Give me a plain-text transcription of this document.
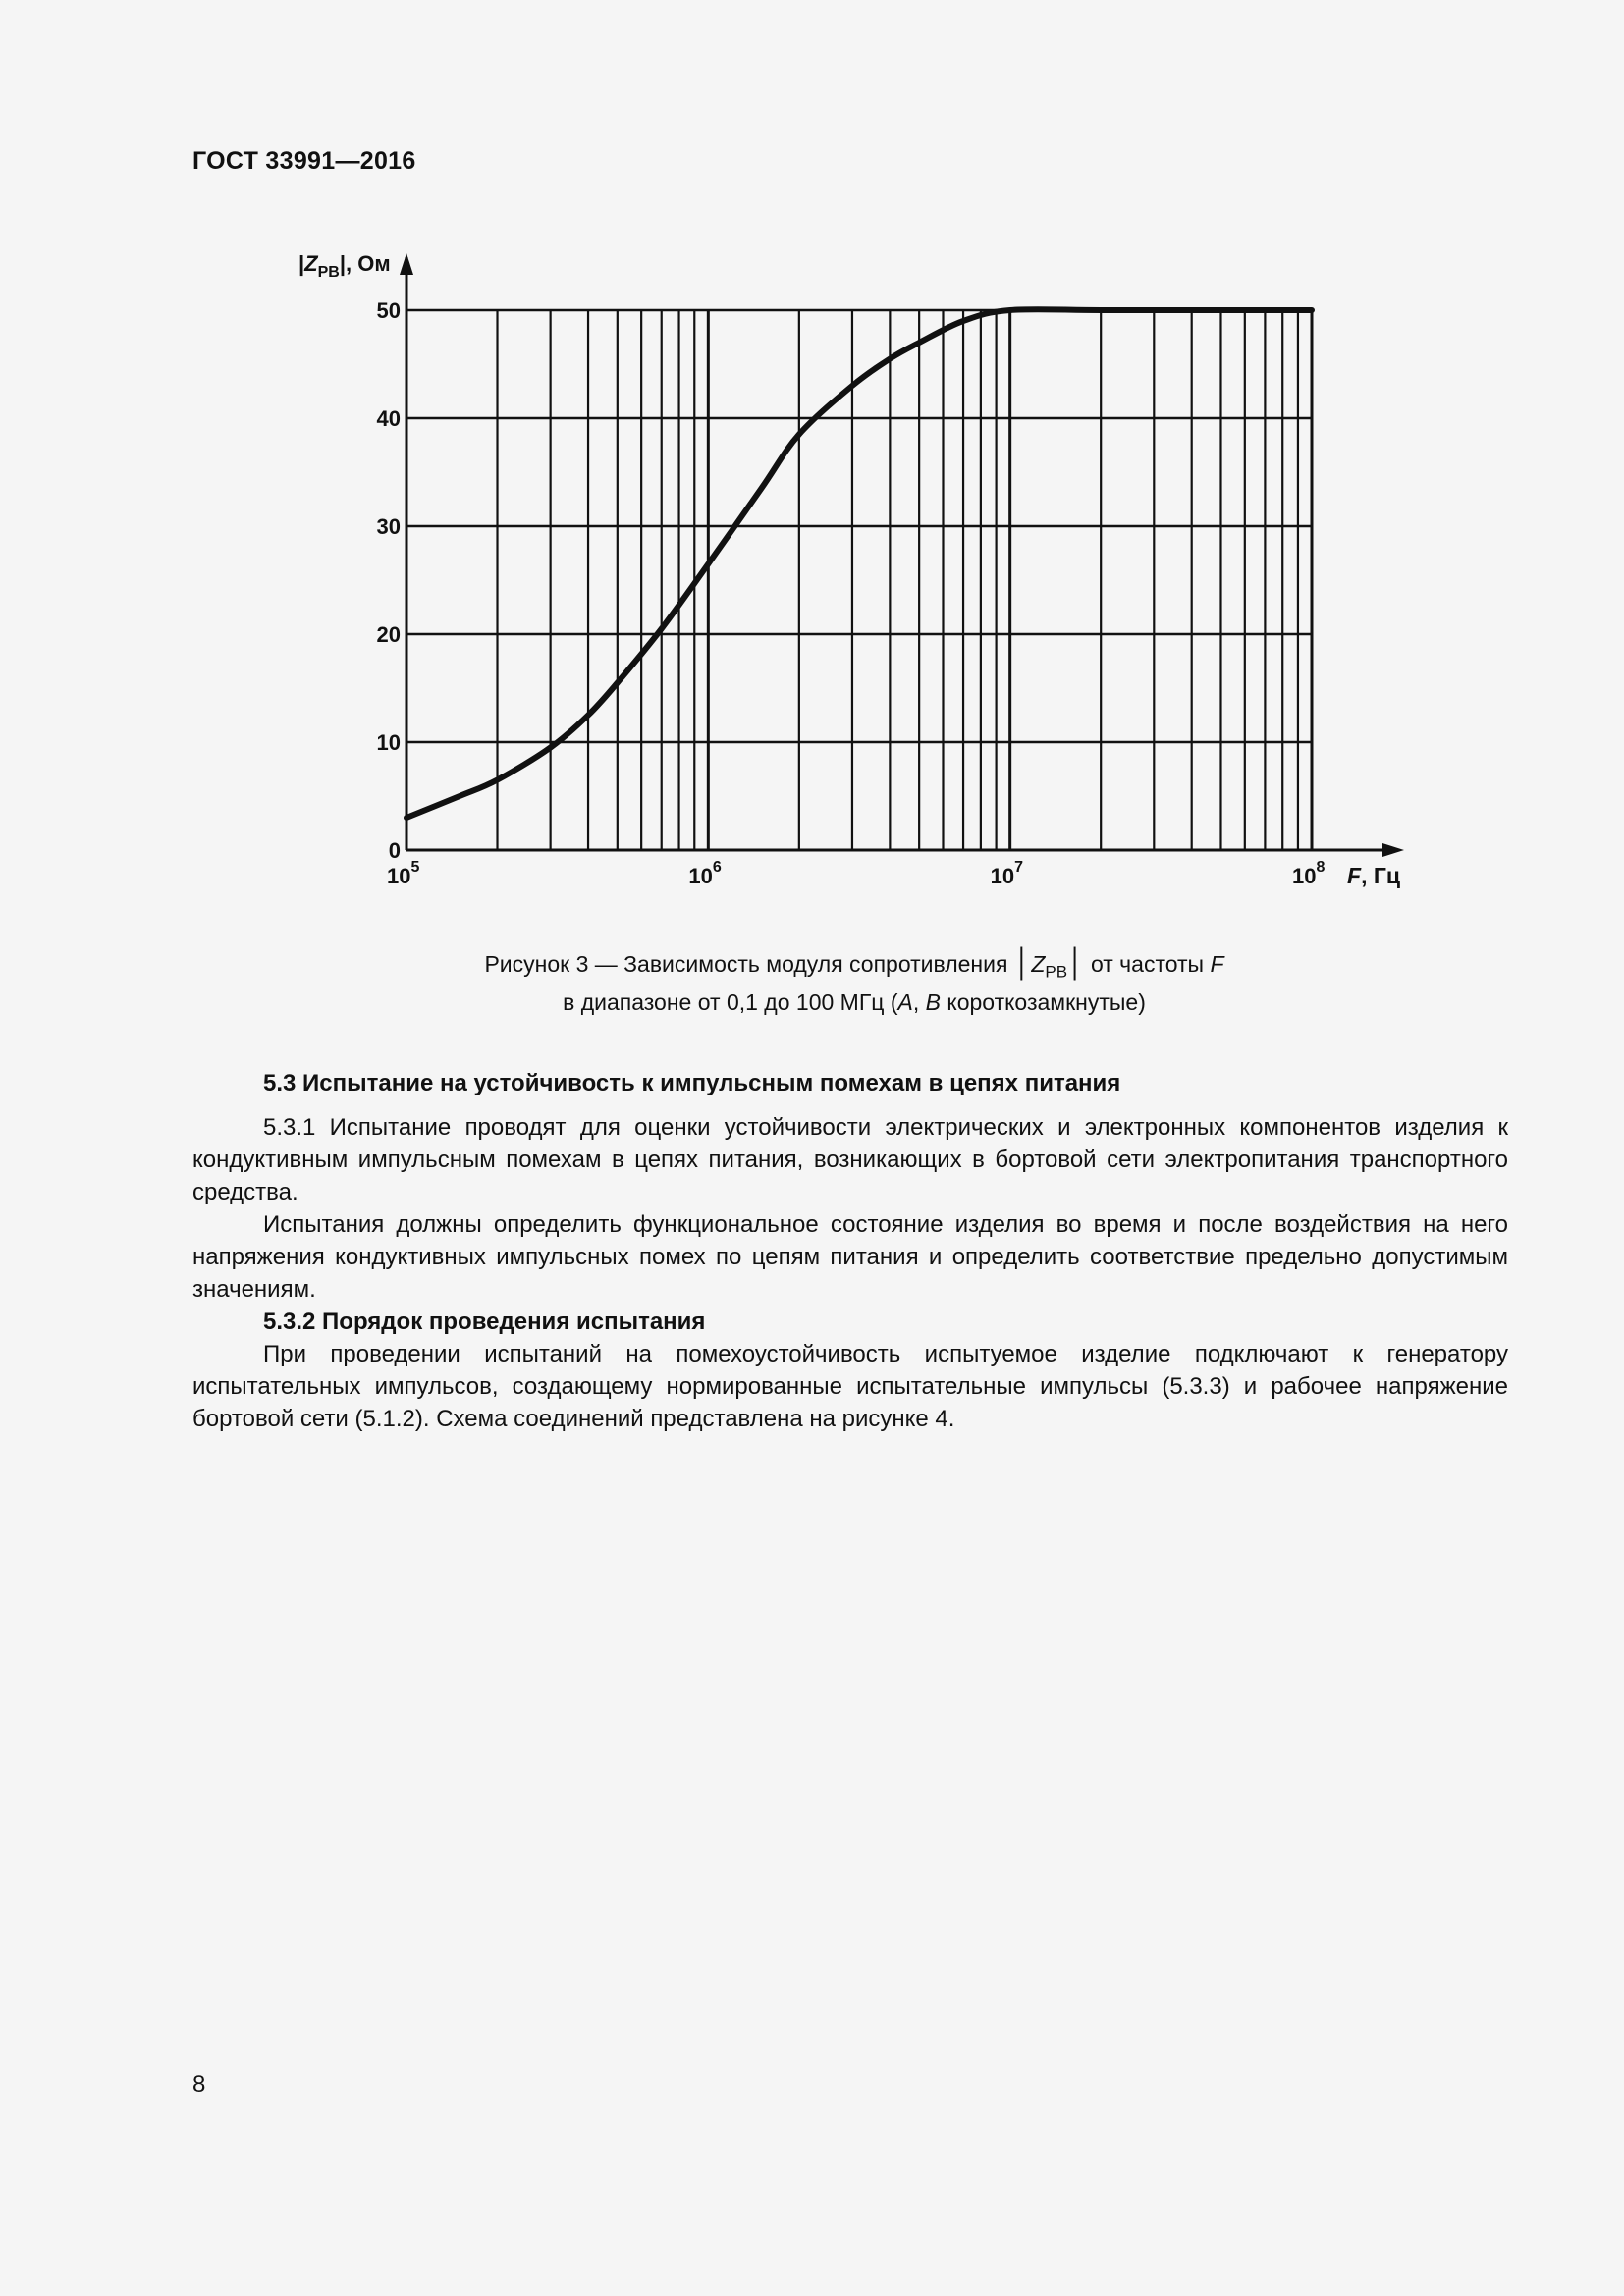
ГОСТ 33991—2016
0
10
20
30
40
50
$10^5$	$10^6$	$10^7$	$10^8$ F, Гц
$|Z_{PB}|$, Ом
Рисунок 3 — Зависимость модуля сопротивления $│Z_{PB}│$ от частоты F
в диапазоне от 0,1 до 100 МГц (A, B короткозамкнутые)
5.3 Испытание на устойчивость к импульсным помехам в цепях питания

5.3.1 Испытание проводят для оценки устойчивости электрических и электронных компонентов изделия к кондуктивным импульсным помехам в цепях питания, возникающих в бортовой сети электропитания транспортного средства.

Испытания должны определить функциональное состояние изделия во время и после воздействия на него напряжения кондуктивных импульсных помех по цепям питания и определить соответствие предельно допустимым значениям.

5.3.2 Порядок проведения испытания

При проведении испытаний на помехоустойчивость испытуемое изделие подключают к генератору испытательных импульсов, создающему нормированные испытательные импульсы (5.3.3) и рабочее напряжение бортовой сети (5.1.2). Схема соединений представлена на рисунке 4.

8
